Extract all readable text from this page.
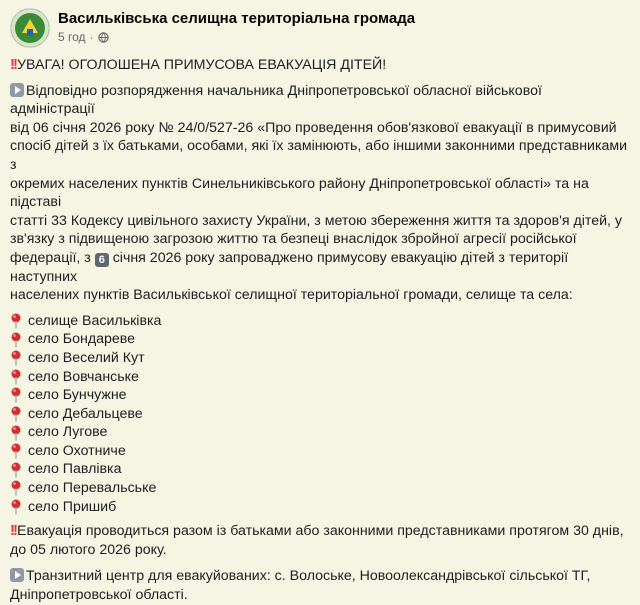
Васильківська селищна територіальна громада
5 год ·

!!УВАГА! ОГОЛОШЕНА ПРИМУСОВА ЕВАКУАЦІЯ ДІТЕЙ!

Відповідно розпорядження начальника Дніпропетровської обласної військової адміністрації
від 06 січня 2026 року № 24/0/527-26 «Про проведення обов'язкової евакуації в примусовий
спосіб дітей з їх батьками, особами, які їх замінюють, або іншими законними представниками з
окремих населених пунктів Синельниківського району Дніпропетровської області» та на підставі
статті 33 Кодексу цивільного захисту України, з метою збереження життя та здоров'я дітей, у
зв'язку з підвищеною загрозою життю та безпеці внаслідок збройної агресії російської
федерації, з 6 січня 2026 року запроваджено примусову евакуацію дітей з території наступних
населених пунктів Васильківської селищної територіальної громади, селище та села:

селище Васильківка
село Бондареве
село Веселий Кут
село Вовчанське
село Бунчужне
село Дебальцеве
село Лугове
село Охотниче
село Павлівка
село Перевальське
село Пришиб

!!Евакуація проводиться разом із батьками або законними представниками протягом 30 днів,
до 05 лютого 2026 року.

Транзитний центр для евакуйованих: с. Волоське, Новоолександрівської сільської ТГ,
Дніпропетровської області.
